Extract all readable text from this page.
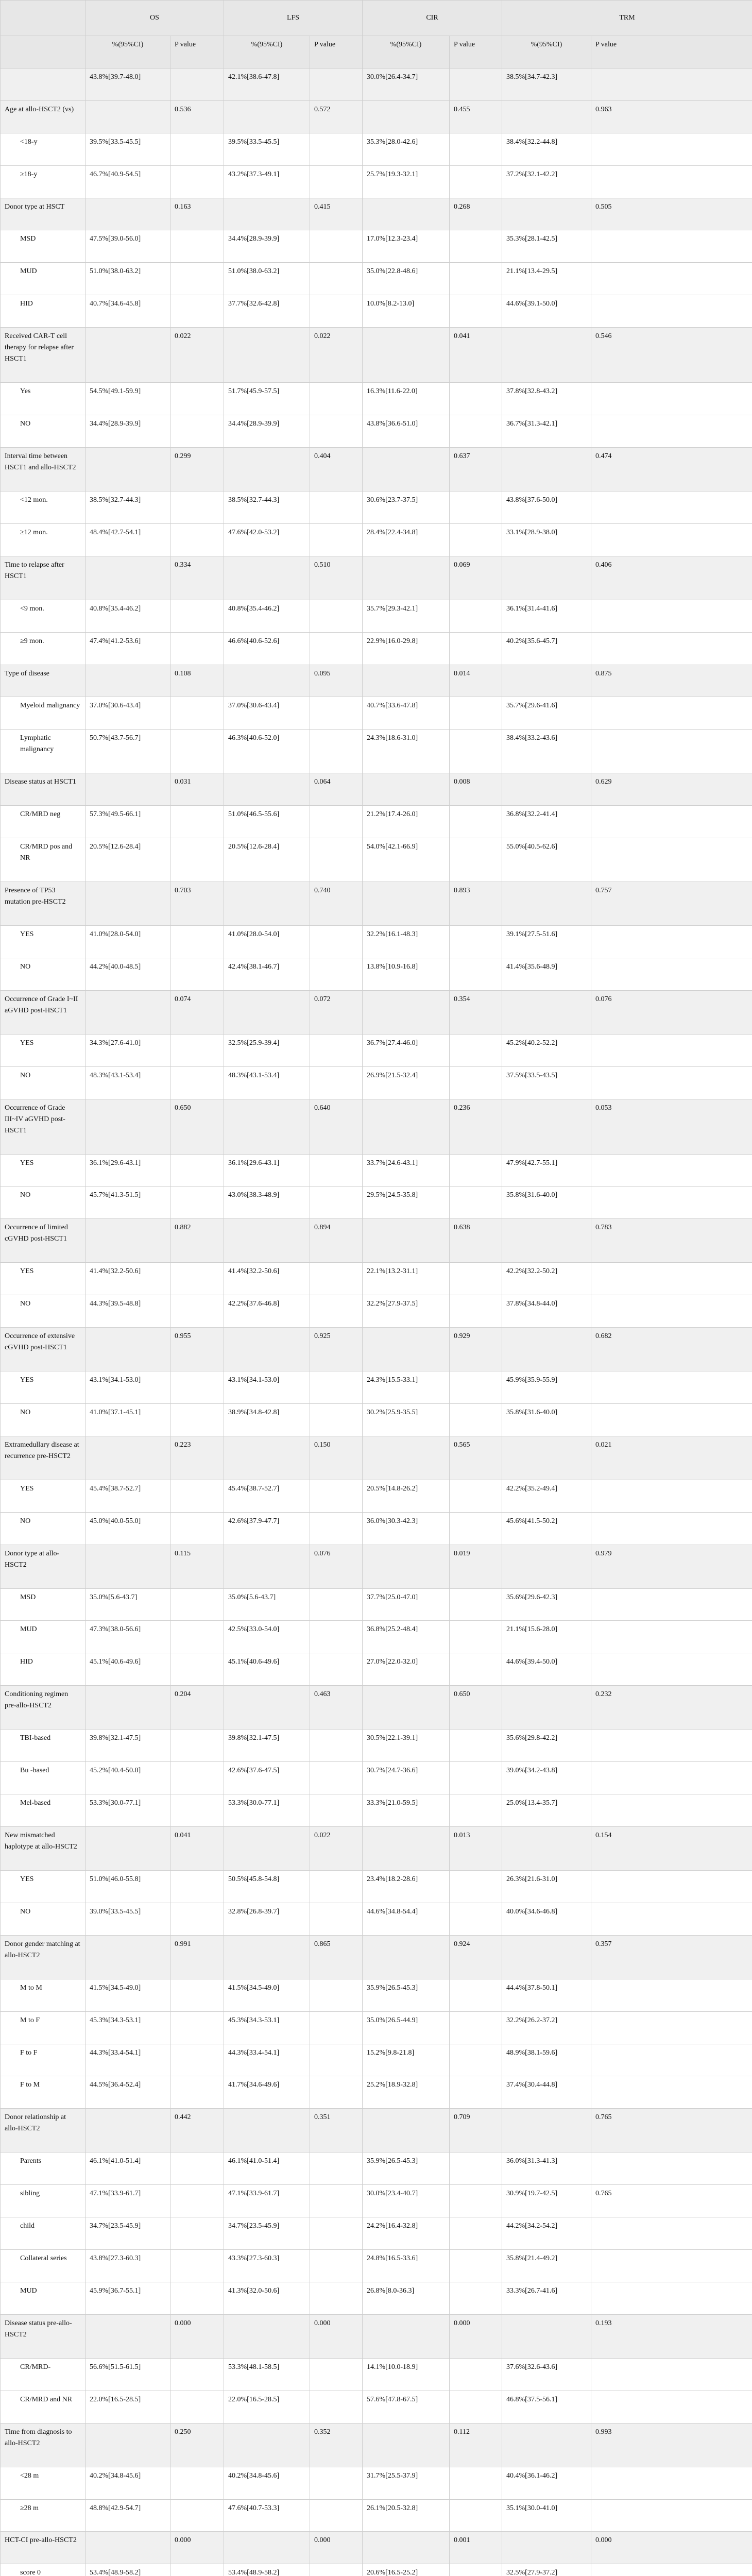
	OS		LFS		CIR		TRM	
	%(95%CI)	P value	%(95%CI)	P value	%(95%CI)	P value	%(95%CI)	P value
	43.8%[39.7-48.0]		42.1%[38.6-47.8]		30.0%[26.4-34.7]		38.5%[34.7-42.3]	
Age at allo-HSCT2 (vs)		0.536		0.572		0.455		0.963
<18-y	39.5%[33.5-45.5]		39.5%[33.5-45.5]		35.3%[28.0-42.6]		38.4%[32.2-44.8]	
≥18-y	46.7%[40.9-54.5]		43.2%[37.3-49.1]		25.7%[19.3-32.1]		37.2%[32.1-42.2]	
Donor type at HSCT		0.163		0.415		0.268		0.505
MSD	47.5%[39.0-56.0]		34.4%[28.9-39.9]		17.0%[12.3-23.4]		35.3%[28.1-42.5]	
MUD	51.0%[38.0-63.2]		51.0%[38.0-63.2]		35.0%[22.8-48.6]		21.1%[13.4-29.5]	
HID	40.7%[34.6-45.8]		37.7%[32.6-42.8]		10.0%[8.2-13.0]		44.6%[39.1-50.0]	
Received CAR-T cell therapy for relapse after HSCT1		0.022		0.022		0.041		0.546
Yes	54.5%[49.1-59.9]		51.7%[45.9-57.5]		16.3%[11.6-22.0]		37.8%[32.8-43.2]	
NO	34.4%[28.9-39.9]		34.4%[28.9-39.9]		43.8%[36.6-51.0]		36.7%[31.3-42.1]	
Interval time between HSCT1 and allo-HSCT2		0.299		0.404		0.637		0.474
<12 mon.	38.5%[32.7-44.3]		38.5%[32.7-44.3]		30.6%[23.7-37.5]		43.8%[37.6-50.0]	
≥12 mon.	48.4%[42.7-54.1]		47.6%[42.0-53.2]		28.4%[22.4-34.8]		33.1%[28.9-38.0]	
Time to relapse after HSCT1		0.334		0.510		0.069		0.406
<9 mon.	40.8%[35.4-46.2]		40.8%[35.4-46.2]		35.7%[29.3-42.1]		36.1%[31.4-41.6]	
≥9 mon.	47.4%[41.2-53.6]		46.6%[40.6-52.6]		22.9%[16.0-29.8]		40.2%[35.6-45.7]	
Type of disease		0.108		0.095		0.014		0.875
Myeloid malignancy	37.0%[30.6-43.4]		37.0%[30.6-43.4]		40.7%[33.6-47.8]		35.7%[29.6-41.6]	
Lymphatic malignancy	50.7%[43.7-56.7]		46.3%[40.6-52.0]		24.3%[18.6-31.0]		38.4%[33.2-43.6]	
Disease status at HSCT1		0.031		0.064		0.008		0.629
CR/MRD neg	57.3%[49.5-66.1]		51.0%[46.5-55.6]		21.2%[17.4-26.0]		36.8%[32.2-41.4]	
CR/MRD pos and NR	20.5%[12.6-28.4]		20.5%[12.6-28.4]		54.0%[42.1-66.9]		55.0%[40.5-62.6]	
Presence of TP53 mutation pre-HSCT2		0.703		0.740		0.893		0.757
YES	41.0%[28.0-54.0]		41.0%[28.0-54.0]		32.2%[16.1-48.3]		39.1%[27.5-51.6]	
NO	44.2%[40.0-48.5]		42.4%[38.1-46.7]		13.8%[10.9-16.8]		41.4%[35.6-48.9]	
Occurrence of Grade I~II aGVHD post-HSCT1		0.074		0.072		0.354		0.076
YES	34.3%[27.6-41.0]		32.5%[25.9-39.4]		36.7%[27.4-46.0]		45.2%[40.2-52.2]	
NO	48.3%[43.1-53.4]		48.3%[43.1-53.4]		26.9%[21.5-32.4]		37.5%[33.5-43.5]	
Occurrence of Grade III~IV aGVHD post-HSCT1		0.650		0.640		0.236		0.053
YES	36.1%[29.6-43.1]		36.1%[29.6-43.1]		33.7%[24.6-43.1]		47.9%[42.7-55.1]	
NO	45.7%[41.3-51.5]		43.0%[38.3-48.9]		29.5%[24.5-35.8]		35.8%[31.6-40.0]	
Occurrence of limited cGVHD post-HSCT1		0.882		0.894		0.638		0.783
YES	41.4%[32.2-50.6]		41.4%[32.2-50.6]		22.1%[13.2-31.1]		42.2%[32.2-50.2]	
NO	44.3%[39.5-48.8]		42.2%[37.6-46.8]		32.2%[27.9-37.5]		37.8%[34.8-44.0]	
Occurrence of extensive cGVHD post-HSCT1		0.955		0.925		0.929		0.682
YES	43.1%[34.1-53.0]		43.1%[34.1-53.0]		24.3%[15.5-33.1]		45.9%[35.9-55.9]	
NO	41.0%[37.1-45.1]		38.9%[34.8-42.8]		30.2%[25.9-35.5]		35.8%[31.6-40.0]	
Extramedullary disease at recurrence pre-HSCT2		0.223		0.150		0.565		0.021
YES	45.4%[38.7-52.7]		45.4%[38.7-52.7]		20.5%[14.8-26.2]		42.2%[35.2-49.4]	
NO	45.0%[40.0-55.0]		42.6%[37.9-47.7]		36.0%[30.3-42.3]		45.6%[41.5-50.2]	
Donor type at allo-HSCT2		0.115		0.076		0.019		0.979
MSD	35.0%[5.6-43.7]		35.0%[5.6-43.7]		37.7%[25.0-47.0]		35.6%[29.6-42.3]	
MUD	47.3%[38.0-56.6]		42.5%[33.0-54.0]		36.8%[25.2-48.4]		21.1%[15.6-28.0]	
HID	45.1%[40.6-49.6]		45.1%[40.6-49.6]		27.0%[22.0-32.0]		44.6%[39.4-50.0]	
Conditioning regimen pre-allo-HSCT2		0.204		0.463		0.650		0.232
TBI-based	39.8%[32.1-47.5]		39.8%[32.1-47.5]		30.5%[22.1-39.1]		35.6%[29.8-42.2]	
Bu -based	45.2%[40.4-50.0]		42.6%[37.6-47.5]		30.7%[24.7-36.6]		39.0%[34.2-43.8]	
Mel-based	53.3%[30.0-77.1]		53.3%[30.0-77.1]		33.3%[21.0-59.5]		25.0%[13.4-35.7]	
New mismatched haplotype at allo-HSCT2		0.041		0.022		0.013		0.154
YES	51.0%[46.0-55.8]		50.5%[45.8-54.8]		23.4%[18.2-28.6]		26.3%[21.6-31.0]	
NO	39.0%[33.5-45.5]		32.8%[26.8-39.7]		44.6%[34.8-54.4]		40.0%[34.6-46.8]	
Donor gender matching at allo-HSCT2		0.991		0.865		0.924		0.357
M to M	41.5%[34.5-49.0]		41.5%[34.5-49.0]		35.9%[26.5-45.3]		44.4%[37.8-50.1]	
M to F	45.3%[34.3-53.1]		45.3%[34.3-53.1]		35.0%[26.5-44.9]		32.2%[26.2-37.2]	
F to F	44.3%[33.4-54.1]		44.3%[33.4-54.1]		15.2%[9.8-21.8]		48.9%[38.1-59.6]	
F to M	44.5%[36.4-52.4]		41.7%[34.6-49.6]		25.2%[18.9-32.8]		37.4%[30.4-44.8]	
Donor relationship at allo-HSCT2		0.442		0.351		0.709		0.765
Parents	46.1%[41.0-51.4]		46.1%[41.0-51.4]		35.9%[26.5-45.3]		36.0%[31.3-41.3]	
sibling	47.1%[33.9-61.7]		47.1%[33.9-61.7]		30.0%[23.4-40.7]		30.9%[19.7-42.5]	0.765
child	34.7%[23.5-45.9]		34.7%[23.5-45.9]		24.2%[16.4-32.8]		44.2%[34.2-54.2]	
Collateral series	43.8%[27.3-60.3]		43.3%[27.3-60.3]		24.8%[16.5-33.6]		35.8%[21.4-49.2]	
MUD	45.9%[36.7-55.1]		41.3%[32.0-50.6]		26.8%[8.0-36.3]		33.3%[26.7-41.6]	
Disease status pre-allo-HSCT2		0.000		0.000		0.000		0.193
CR/MRD-	56.6%[51.5-61.5]		53.3%[48.1-58.5]		14.1%[10.0-18.9]		37.6%[32.6-43.6]	
CR/MRD and NR	22.0%[16.5-28.5]		22.0%[16.5-28.5]		57.6%[47.8-67.5]		46.8%[37.5-56.1]	
Time from diagnosis to allo-HSCT2		0.250		0.352		0.112		0.993
<28 m	40.2%[34.8-45.6]		40.2%[34.8-45.6]		31.7%[25.5-37.9]		40.4%[36.1-46.2]	
≥28 m	48.8%[42.9-54.7]		47.6%[40.7-53.3]		26.1%[20.5-32.8]		35.1%[30.0-41.0]	
HCT-CI pre-allo-HSCT2		0.000		0.000		0.001		0.000
score 0	53.4%[48.9-58.2]		53.4%[48.9-58.2]		20.6%[16.5-25.2]		32.5%[27.9-37.2]	
